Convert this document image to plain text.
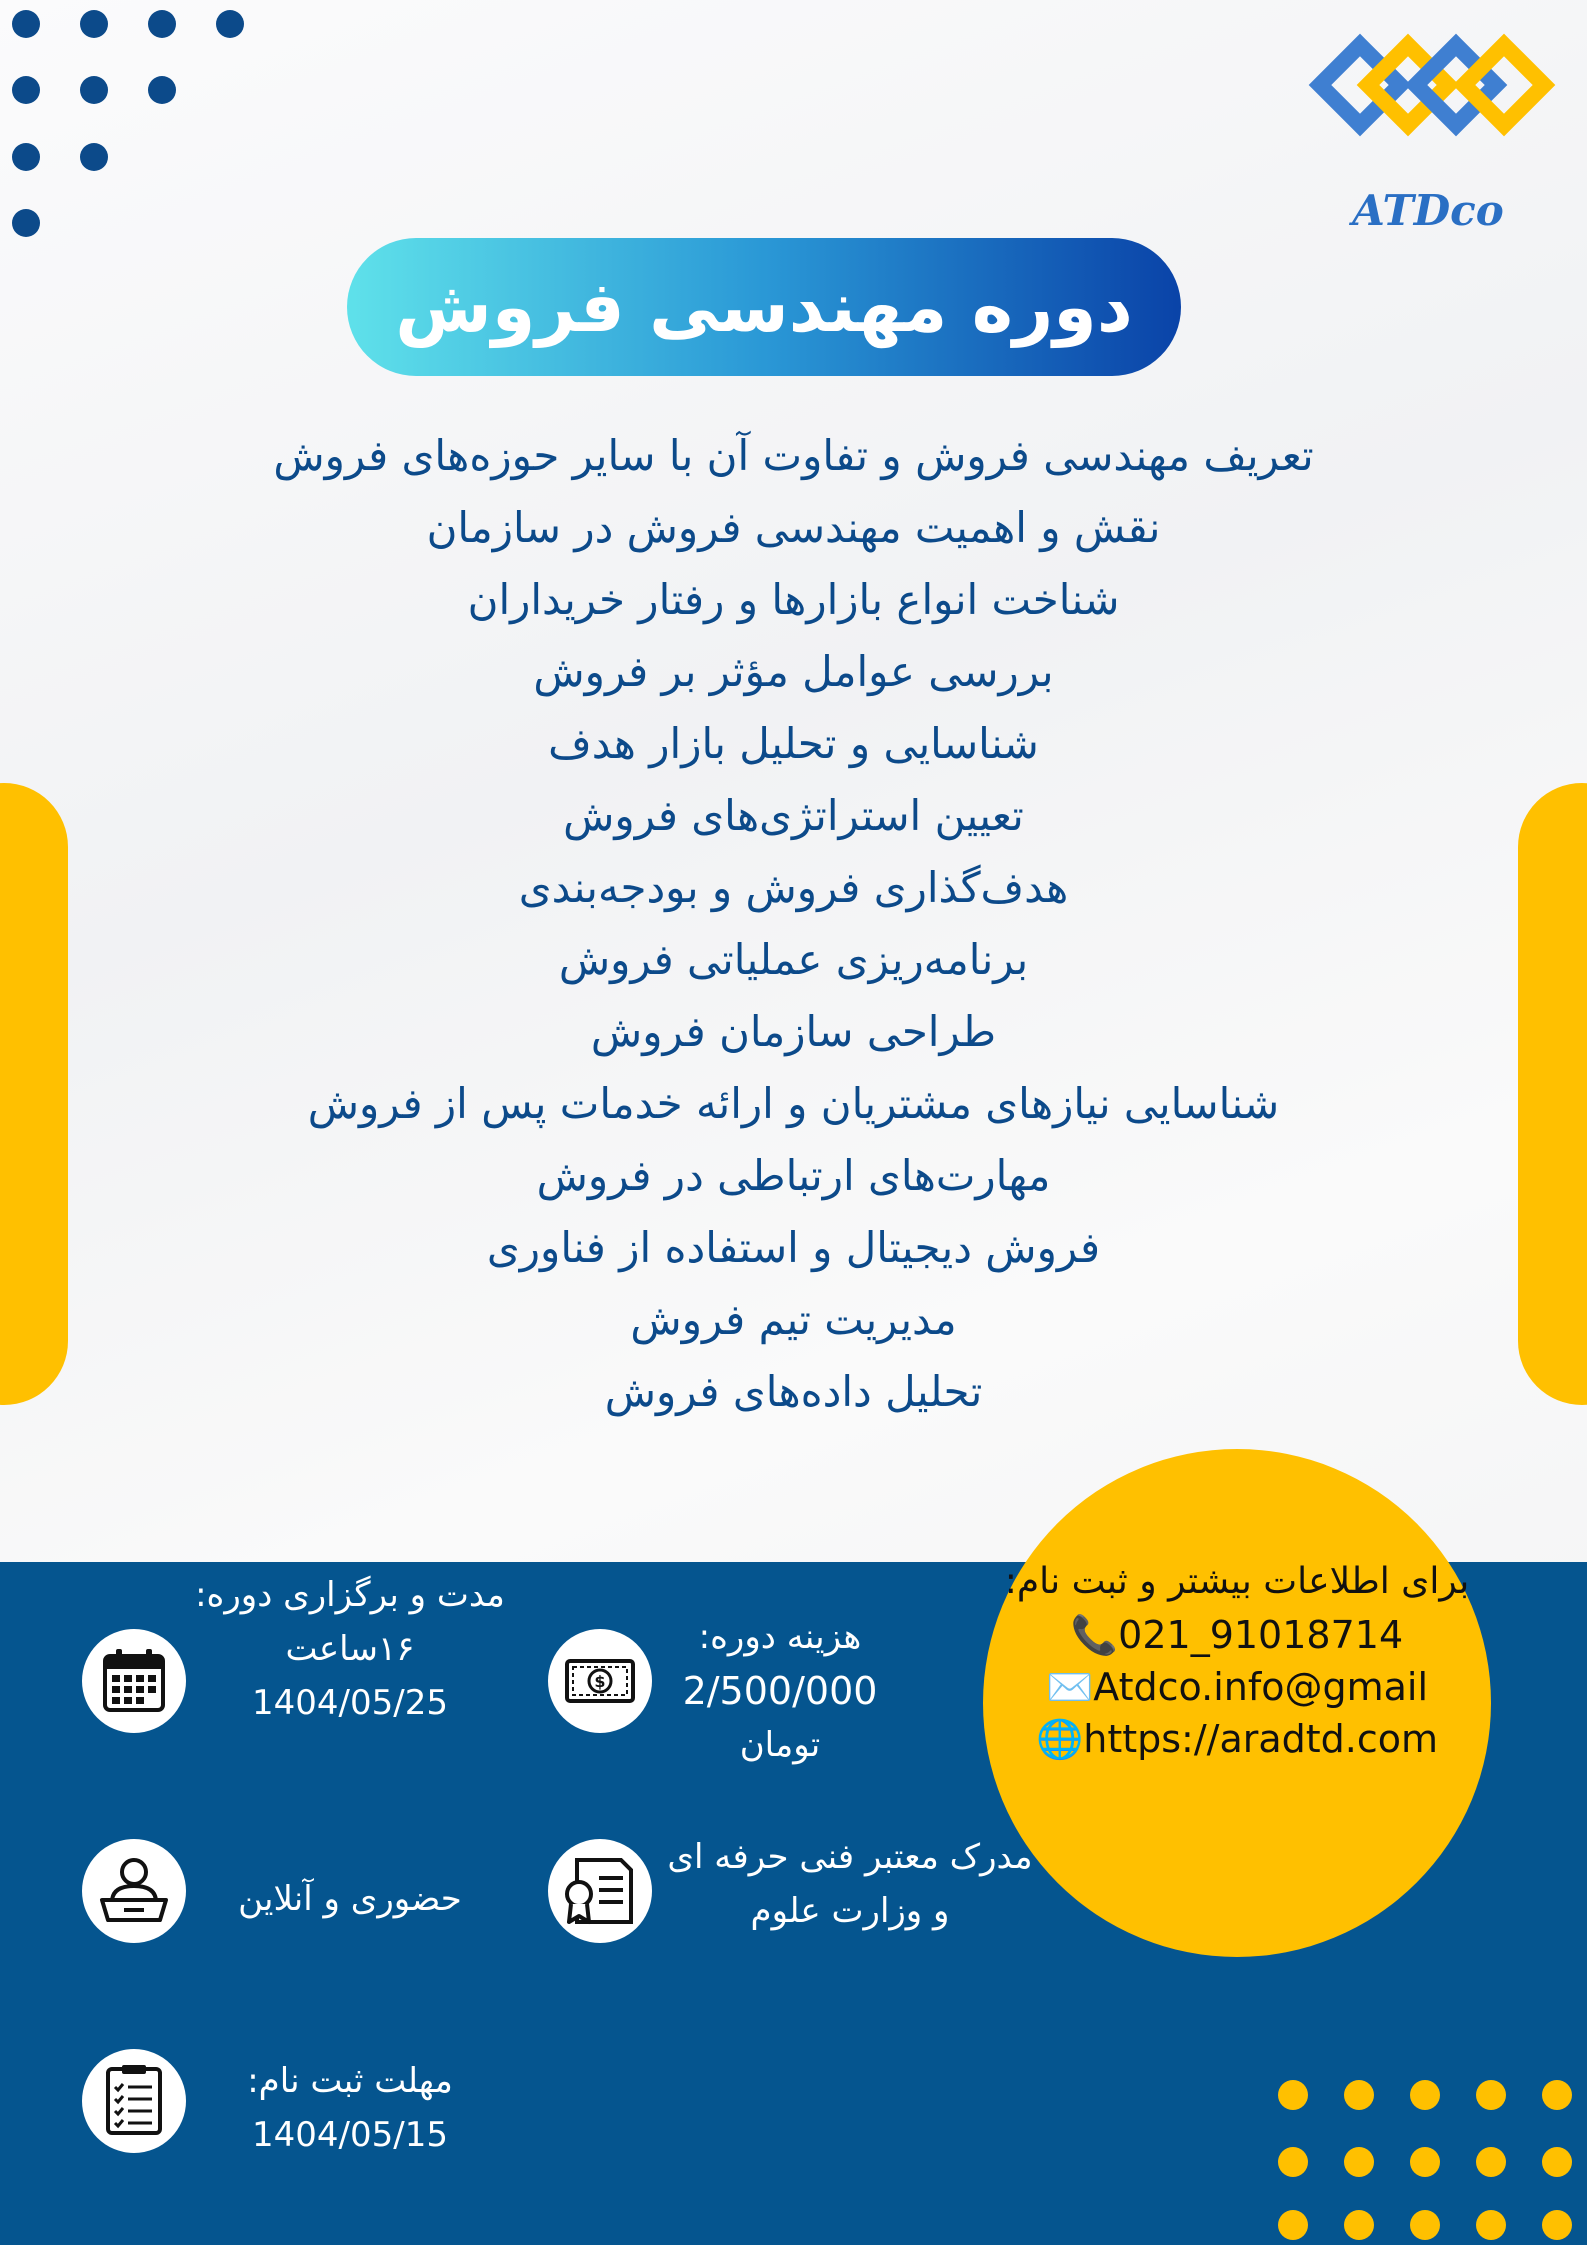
ATDco
دوره مهندسی فروش
تعریف مهندسی فروش و تفاوت آن با سایر حوزه‌های فروش
نقش و اهمیت مهندسی فروش در سازمان
شناخت انواع بازارها و رفتار خریداران
بررسی عوامل مؤثر بر فروش
شناسایی و تحلیل بازار هدف
تعیین استراتژی‌های فروش
هدف‌گذاری فروش و بودجه‌بندی
برنامه‌ریزی عملیاتی فروش
طراحی سازمان فروش
شناسایی نیازهای مشتریان و ارائه خدمات پس از فروش
مهارت‌های ارتباطی در فروش
فروش دیجیتال و استفاده از فناوری
مدیریت تیم فروش
تحلیل داده‌های فروش
مدت و برگزاری دوره:
۱۶ساعت
1404/05/25
$
هزینه دوره:
2/500/000
تومان
حضوری و آنلاین
مدرک معتبر فنی حرفه ای
و وزارت علوم
مهلت ثبت نام:
1404/05/15
برای اطلاعات بیشتر و ثبت نام:
📞021_91018714
✉️Atdco.info@gmail
🌐https://aradtd.com
